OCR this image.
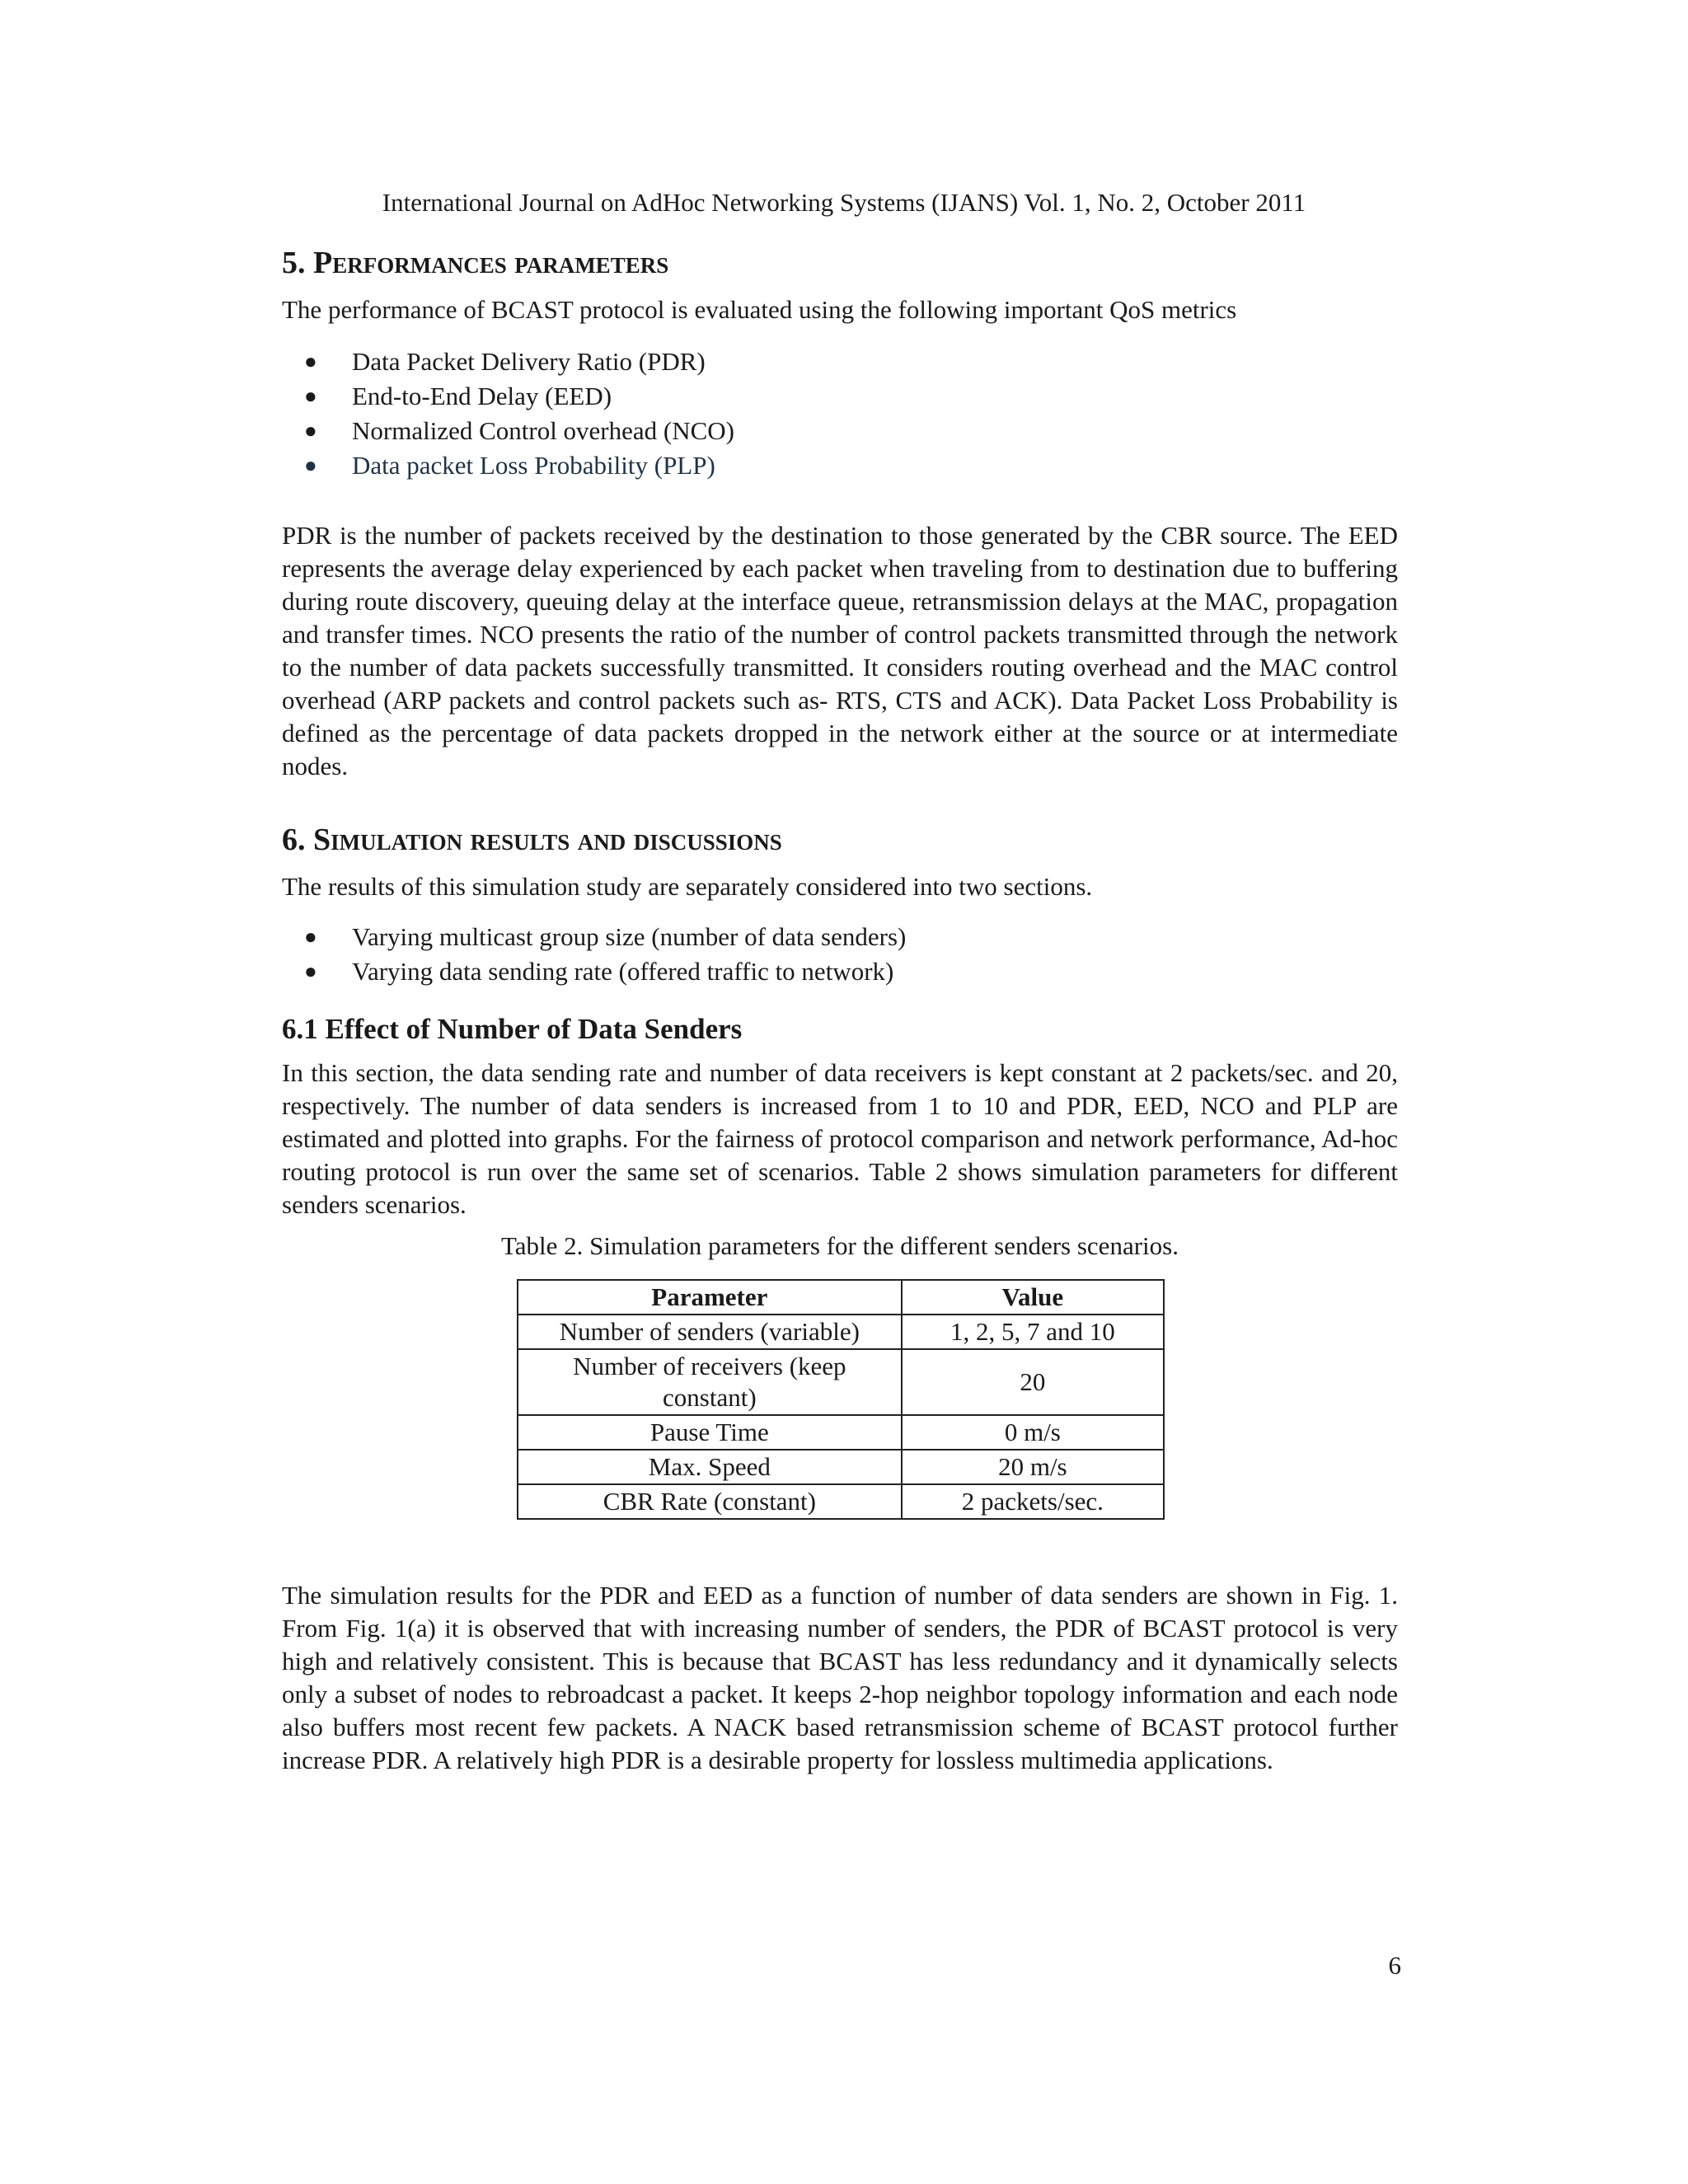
International Journal on AdHoc Networking Systems (IJANS) Vol. 1, No. 2, October 2011
5. Performances parameters

The performance of BCAST protocol is evaluated using the following important QoS metrics

● Data Packet Delivery Ratio (PDR)
● End-to-End Delay (EED)
● Normalized Control overhead (NCO)
● Data packet Loss Probability (PLP)

PDR is the number of packets received by the destination to those generated by the CBR source. The EED represents the average delay experienced by each packet when traveling from to destination due to buffering during route discovery, queuing delay at the interface queue, retransmission delays at the MAC, propagation and transfer times. NCO presents the ratio of the number of control packets transmitted through the network to the number of data packets successfully transmitted. It considers routing overhead and the MAC control overhead (ARP packets and control packets such as- RTS, CTS and ACK). Data Packet Loss Probability is defined as the percentage of data packets dropped in the network either at the source or at intermediate nodes.

6. Simulation results and discussions

The results of this simulation study are separately considered into two sections.

● Varying multicast group size (number of data senders)
● Varying data sending rate (offered traffic to network)
6.1 Effect of Number of Data Senders

In this section, the data sending rate and number of data receivers is kept constant at 2 packets/sec. and 20, respectively. The number of data senders is increased from 1 to 10 and PDR, EED, NCO and PLP are estimated and plotted into graphs. For the fairness of protocol comparison and network performance, Ad-hoc routing protocol is run over the same set of scenarios. Table 2 shows simulation parameters for different senders scenarios.

Table 2. Simulation parameters for the different senders scenarios.

Parameter	Value
Number of senders (variable)	1, 2, 5, 7 and 10
Number of receivers (keep constant)	20
Pause Time	0 m/s
Max. Speed	20 m/s
CBR Rate (constant)	2 packets/sec.

The simulation results for the PDR and EED as a function of number of data senders are shown in Fig. 1. From Fig. 1(a) it is observed that with increasing number of senders, the PDR of BCAST protocol is very high and relatively consistent. This is because that BCAST has less redundancy and it dynamically selects only a subset of nodes to rebroadcast a packet. It keeps 2-hop neighbor topology information and each node also buffers most recent few packets. A NACK based retransmission scheme of BCAST protocol further increase PDR. A relatively high PDR is a desirable property for lossless multimedia applications.

6
